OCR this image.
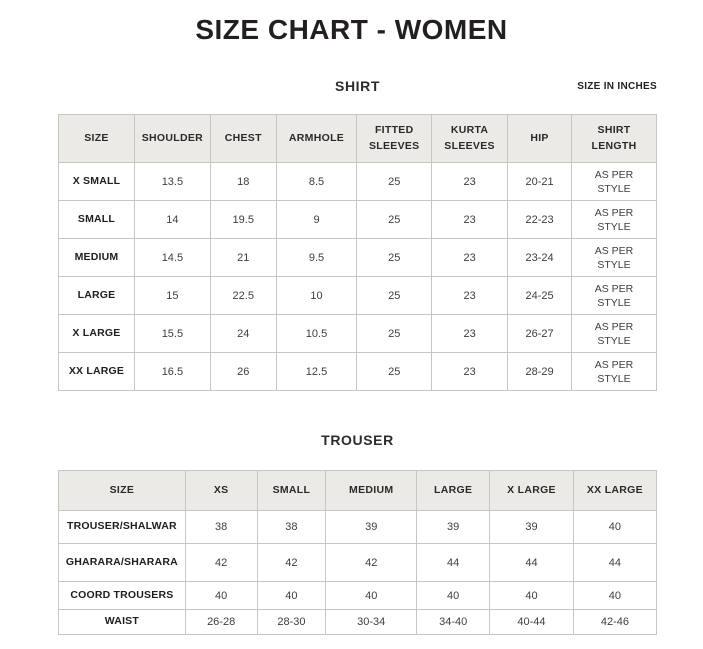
SIZE CHART - WOMEN
SHIRT	SIZE IN INCHES
SIZE	SHOULDER	CHEST	ARMHOLE	FITTED SLEEVES	KURTA SLEEVES	HIP	SHIRT LENGTH
X SMALL	13.5	18	8.5	25	23	20-21	AS PER STYLE
SMALL	14	19.5	9	25	23	22-23	AS PER STYLE
MEDIUM	14.5	21	9.5	25	23	23-24	AS PER STYLE
LARGE	15	22.5	10	25	23	24-25	AS PER STYLE
X LARGE	15.5	24	10.5	25	23	26-27	AS PER STYLE
XX LARGE	16.5	26	12.5	25	23	28-29	AS PER STYLE
TROUSER
SIZE	XS	SMALL	MEDIUM	LARGE	X LARGE	XX LARGE
TROUSER/SHALWAR	38	38	39	39	39	40
GHARARA/SHARARA	42	42	42	44	44	44
COORD TROUSERS	40	40	40	40	40	40
WAIST	26-28	28-30	30-34	34-40	40-44	42-46
